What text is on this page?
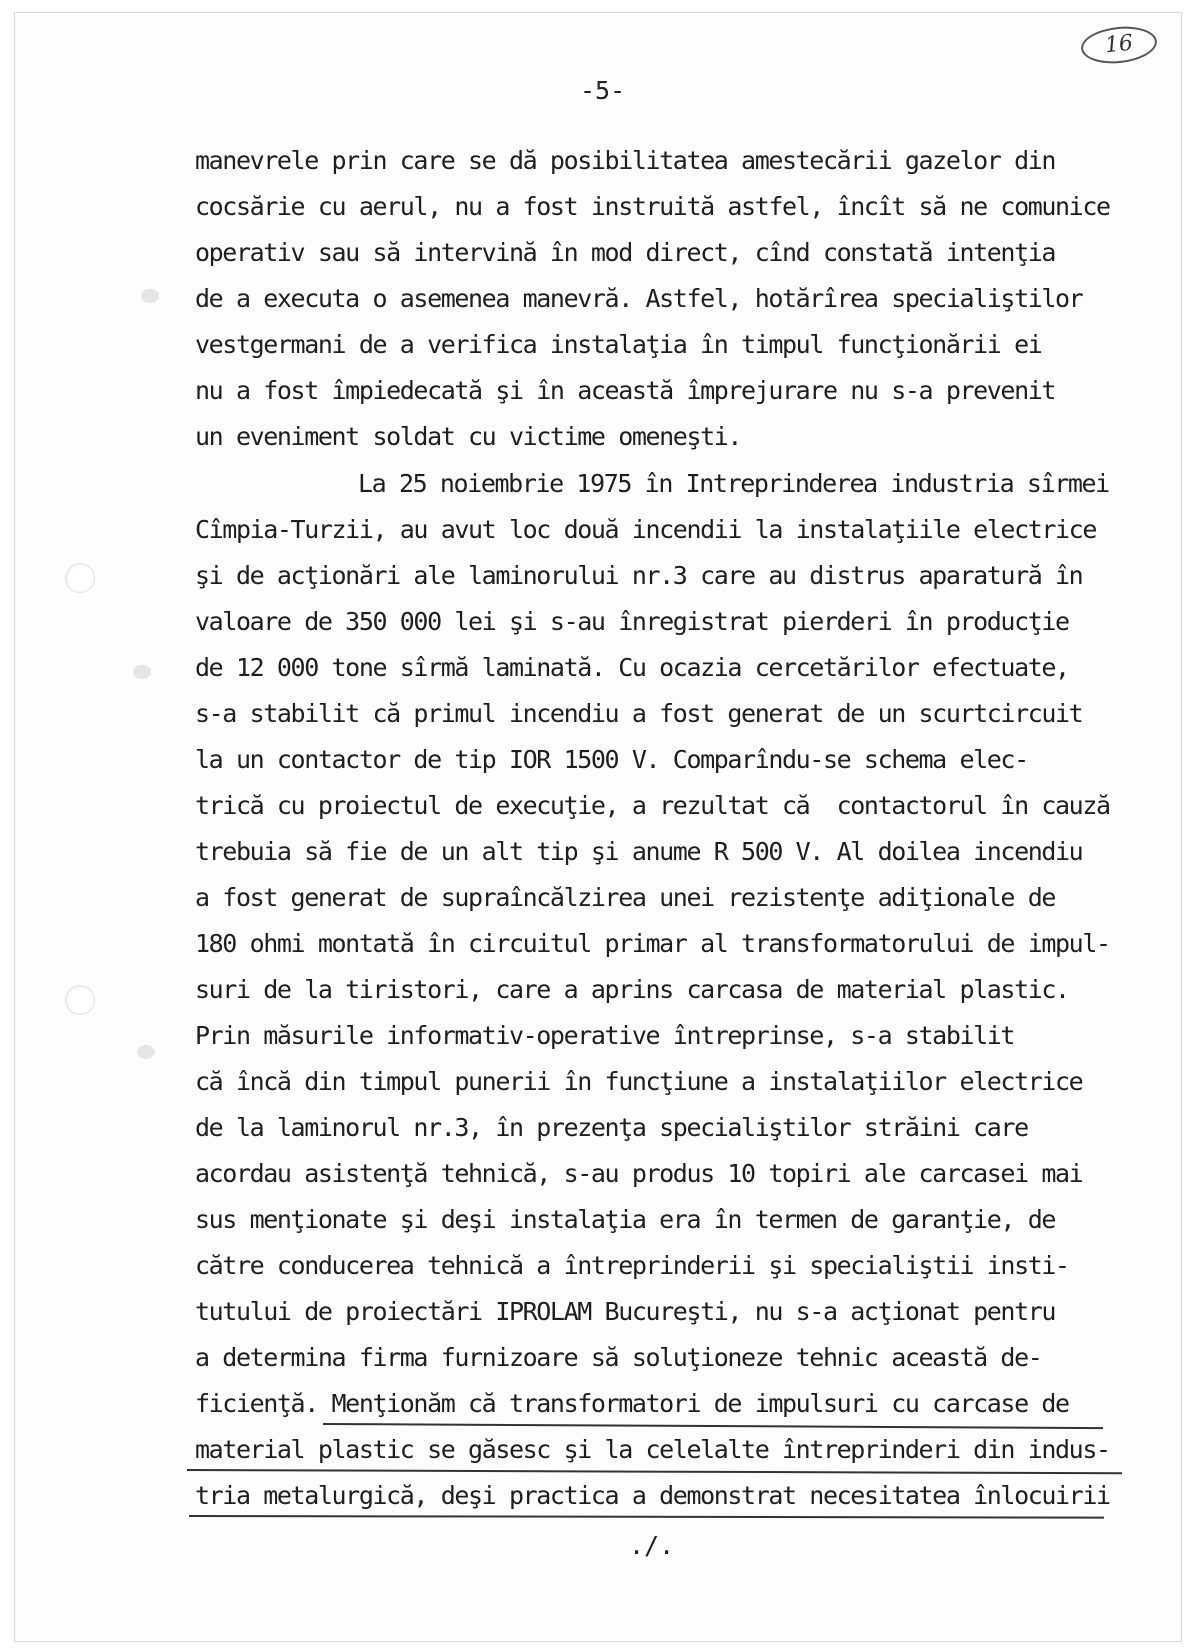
16
-5-
manevrele prin care se dă posibilitatea amestecării gazelor din
cocsărie cu aerul, nu a fost instruită astfel, încît să ne comunice
operativ sau să intervină în mod direct, cînd constată intenţia
de a executa o asemenea manevră. Astfel, hotărîrea specialiştilor
vestgermani de a verifica instalaţia în timpul funcţionării ei
nu a fost împiedecată şi în această împrejurare nu s-a prevenit
un eveniment soldat cu victime omeneşti.
La 25 noiembrie 1975 în Intreprinderea industria sîrmei
Cîmpia-Turzii, au avut loc două incendii la instalaţiile electrice
şi de acţionări ale laminorului nr.3 care au distrus aparatură în
valoare de 350 000 lei şi s-au înregistrat pierderi în producţie
de 12 000 tone sîrmă laminată. Cu ocazia cercetărilor efectuate,
s-a stabilit că primul incendiu a fost generat de un scurtcircuit
la un contactor de tip IOR 1500 V. Comparîndu-se schema elec-
trică cu proiectul de execuţie, a rezultat că  contactorul în cauză
trebuia să fie de un alt tip şi anume R 500 V. Al doilea incendiu
a fost generat de supraîncălzirea unei rezistenţe adiţionale de
180 ohmi montată în circuitul primar al transformatorului de impul-
suri de la tiristori, care a aprins carcasa de material plastic.
Prin măsurile informativ-operative întreprinse, s-a stabilit
că încă din timpul punerii în funcţiune a instalaţiilor electrice
de la laminorul nr.3, în prezenţa specialiştilor străini care
acordau asistenţă tehnică, s-au produs 10 topiri ale carcasei mai
sus menţionate şi deşi instalaţia era în termen de garanţie, de
către conducerea tehnică a întreprinderii şi specialiştii insti-
tutului de proiectări IPROLAM Bucureşti, nu s-a acţionat pentru
a determina firma furnizoare să soluţioneze tehnic această de-
ficienţă. Menţionăm că transformatori de impulsuri cu carcase de
material plastic se găsesc şi la celelalte întreprinderi din indus-
tria metalurgică, deşi practica a demonstrat necesitatea înlocuirii
./.
